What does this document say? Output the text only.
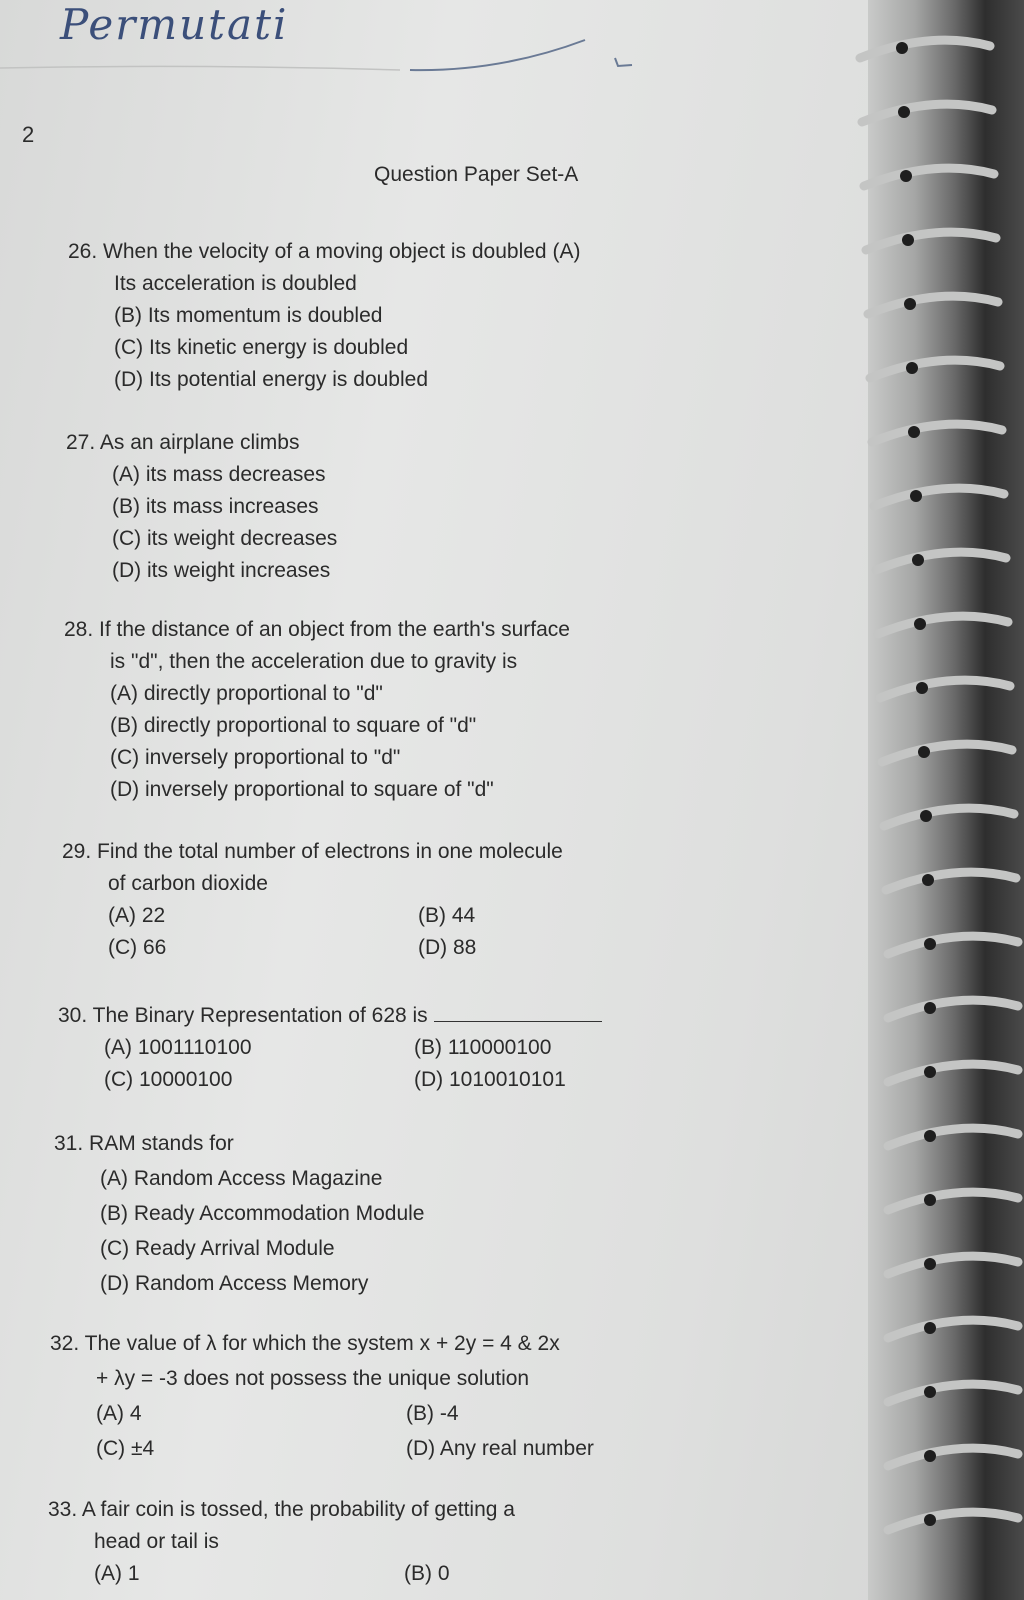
Permutati
2
Question Paper Set-A
26. When the velocity of a moving object is doubled (A)
Its acceleration is doubled
(B) Its momentum is doubled
(C) Its kinetic energy is doubled
(D) Its potential energy is doubled
27. As an airplane climbs
(A) its mass decreases
(B) its mass increases
(C) its weight decreases
(D) its weight increases
28. If the distance of an object from the earth's surface
is "d", then the acceleration due to gravity is
(A) directly proportional to "d"
(B) directly proportional to square of "d"
(C) inversely proportional to "d"
(D) inversely proportional to square of "d"
29. Find the total number of electrons in one molecule
of carbon dioxide
(A) 22	(B) 44
(C) 66	(D) 88
30. The Binary Representation of 628 is
(A) 1001110100	(B) 110000100
(C) 10000100	(D) 1010010101
31. RAM stands for
(A) Random Access Magazine
(B) Ready Accommodation Module
(C) Ready Arrival Module
(D) Random Access Memory
32. The value of λ for which the system x + 2y = 4 & 2x
+ λy = -3 does not possess the unique solution
(A) 4	(B) -4
(C) ±4	(D) Any real number
33. A fair coin is tossed, the probability of getting a
head or tail is
(A) 1	(B) 0
